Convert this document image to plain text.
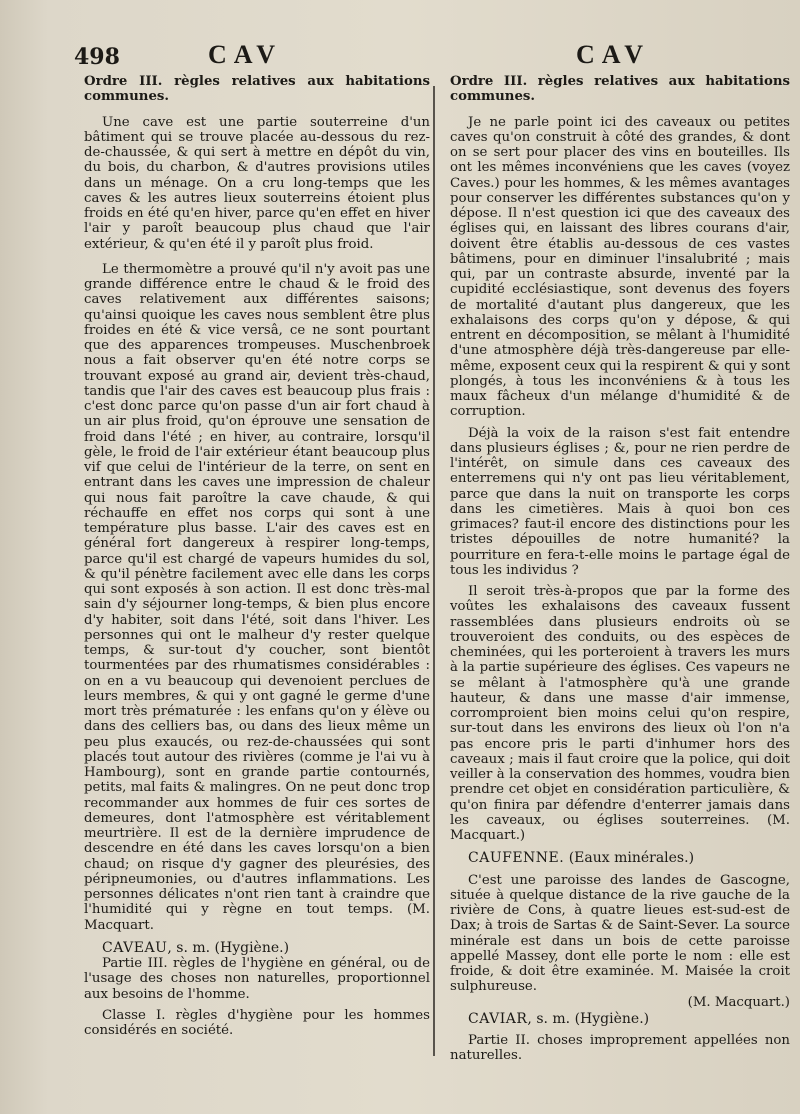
498	CAV	CAV

Ordre III. règles relatives aux habitations communes.

Une cave est une partie souterreine d'un bâtiment qui se trouve placée au-dessous du rez-de-chaussée, & qui sert à mettre en dépôt du vin, du bois, du charbon, & d'autres provisions utiles dans un ménage. On a cru long-temps que les caves & les autres lieux souterreins étoient plus froids en été qu'en hiver, parce qu'en effet en hiver l'air y paroît beaucoup plus chaud que l'air extérieur, & qu'en été il y paroît plus froid.

Le thermomètre a prouvé qu'il n'y avoit pas une grande différence entre le chaud & le froid des caves relativement aux différentes saisons; qu'ainsi quoique les caves nous semblent être plus froides en été & vice versâ, ce ne sont pourtant que des apparences trompeuses. Muschenbroek nous a fait observer qu'en été notre corps se trouvant exposé au grand air, devient très-chaud, tandis que l'air des caves est beaucoup plus frais : c'est donc parce qu'on passe d'un air fort chaud à un air plus froid, qu'on éprouve une sensation de froid dans l'été ; en hiver, au contraire, lorsqu'il gèle, le froid de l'air extérieur étant beaucoup plus vif que celui de l'intérieur de la terre, on sent en entrant dans les caves une impression de chaleur qui nous fait paroître la cave chaude, & qui réchauffe en effet nos corps qui sont à une température plus basse. L'air des caves est en général fort dangereux à respirer long-temps, parce qu'il est chargé de vapeurs humides du sol, & qu'il pénètre facilement avec elle dans les corps qui sont exposés à son action. Il est donc très-mal sain d'y séjourner long-temps, & bien plus encore d'y habiter, soit dans l'été, soit dans l'hiver. Les personnes qui ont le malheur d'y rester quelque temps, & sur-tout d'y coucher, sont bientôt tourmentées par des rhumatismes considérables : on en a vu beaucoup qui devenoient perclues de leurs membres, & qui y ont gagné le germe d'une mort très prématurée : les enfans qu'on y élève ou dans des celliers bas, ou dans des lieux même un peu plus exaucés, ou rez-de-chaussées qui sont placés tout autour des rivières (comme je l'ai vu à Hambourg), sont en grande partie contournés, petits, mal faits & malingres. On ne peut donc trop recommander aux hommes de fuir ces sortes de demeures, dont l'atmosphère est véritablement meurtrière. Il est de la dernière imprudence de descendre en été dans les caves lorsqu'on a bien chaud; on risque d'y gagner des pleurésies, des péripneumonies, ou d'autres inflammations. Les personnes délicates n'ont rien tant à craindre que l'humidité qui y règne en tout temps. (M. Macquart.

CAVEAU, s. m. (Hygiène.)

Partie III. règles de l'hygiène en général, ou de l'usage des choses non naturelles, proportionnel aux besoins de l'homme.

Classe I. règles d'hygiène pour les hommes considérés en société.

Ordre III. règles relatives aux habitations communes.

Je ne parle point ici des caveaux ou petites caves qu'on construit à côté des grandes, & dont on se sert pour placer des vins en bouteilles. Ils ont les mêmes inconvéniens que les caves (voyez Caves.) pour les hommes, & les mêmes avantages pour conserver les différentes substances qu'on y dépose. Il n'est question ici que des caveaux des églises qui, en laissant des libres courans d'air, doivent être établis au-dessous de ces vastes bâtimens, pour en diminuer l'insalubrité ; mais qui, par un contraste absurde, inventé par la cupidité ecclésiastique, sont devenus des foyers de mortalité d'autant plus dangereux, que les exhalaisons des corps qu'on y dépose, & qui entrent en décomposition, se mêlant à l'humidité d'une atmosphère déjà très-dangereuse par elle-même, exposent ceux qui la respirent & qui y sont plongés, à tous les inconvéniens & à tous les maux fâcheux d'un mélange d'humidité & de corruption.

Déjà la voix de la raison s'est fait entendre dans plusieurs églises ; &, pour ne rien perdre de l'intérêt, on simule dans ces caveaux des enterremens qui n'y ont pas lieu véritablement, parce que dans la nuit on transporte les corps dans les cimetières. Mais à quoi bon ces grimaces? faut-il encore des distinctions pour les tristes dépouilles de notre humanité? la pourriture en fera-t-elle moins le partage égal de tous les individus ?

Il seroit très-à-propos que par la forme des voûtes les exhalaisons des caveaux fussent rassemblées dans plusieurs endroits où se trouveroient des conduits, ou des espèces de cheminées, qui les porteroient à travers les murs à la partie supérieure des églises. Ces vapeurs ne se mêlant à l'atmosphère qu'à une grande hauteur, & dans une masse d'air immense, corromproient bien moins celui qu'on respire, sur-tout dans les environs des lieux où l'on n'a pas encore pris le parti d'inhumer hors des caveaux ; mais il faut croire que la police, qui doit veiller à la conservation des hommes, voudra bien prendre cet objet en considération particulière, & qu'on finira par défendre d'enterrer jamais dans les caveaux, ou églises souterreines. (M. Macquart.)

CAUFENNE. (Eaux minérales.)

C'est une paroisse des landes de Gascogne, située à quelque distance de la rive gauche de la rivière de Cons, à quatre lieues est-sud-est de Dax; à trois de Sartas & de Saint-Sever. La source minérale est dans un bois de cette paroisse appellé Massey, dont elle porte le nom : elle est froide, & doit être examinée. M. Maisée la croit sulphureuse.

(M. Macquart.)

CAVIAR, s. m. (Hygiène.)

Partie II. choses improprement appellées non naturelles.
